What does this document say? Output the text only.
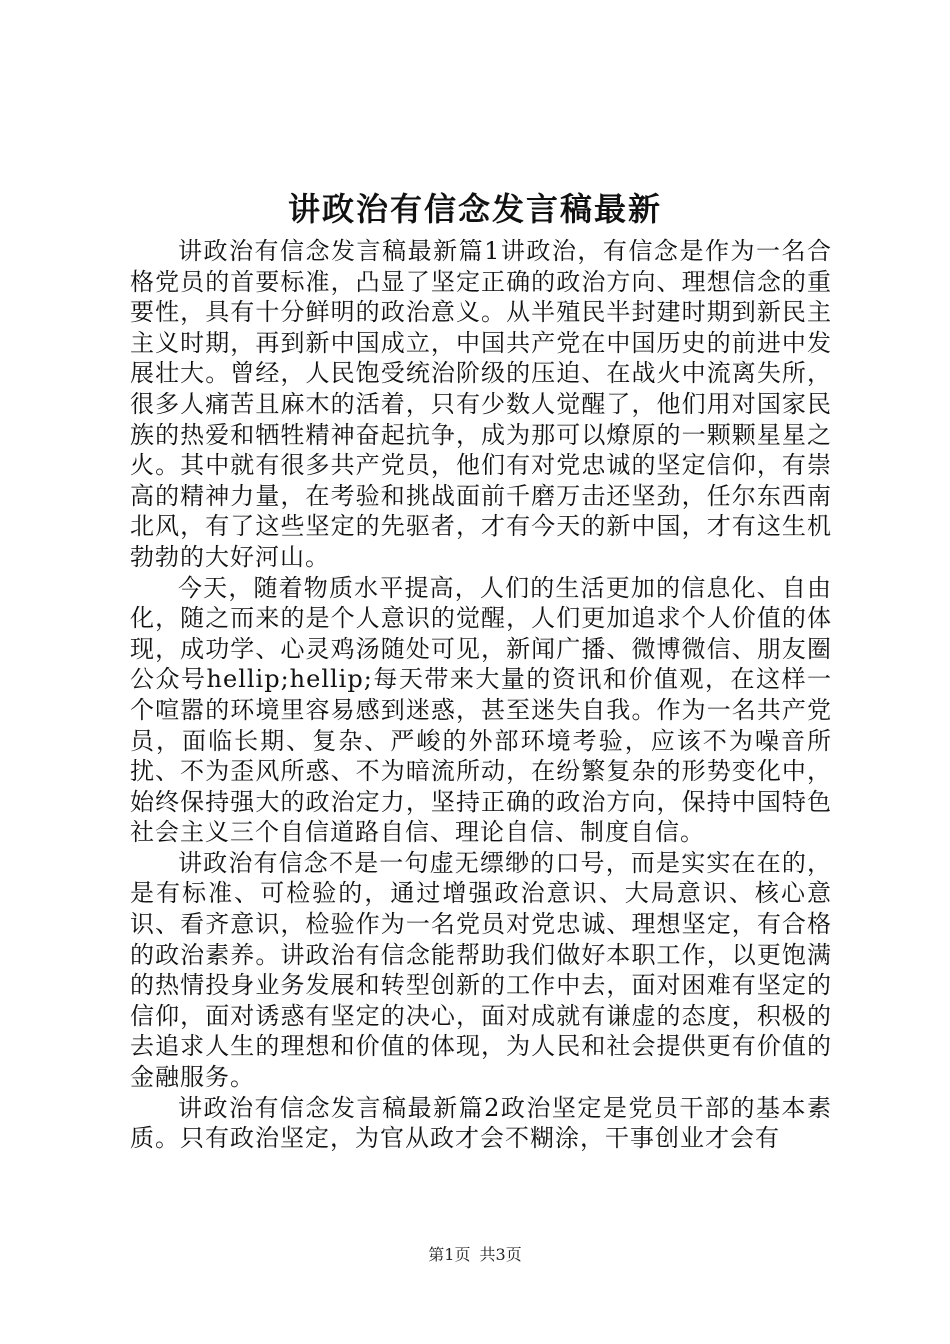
讲政治有信念发言稿最新

讲政治有信念发言稿最新篇1讲政治，有信念是作为一名合格党员的首要标准，凸显了坚定正确的政治方向、理想信念的重要性，具有十分鲜明的政治意义。从半殖民半封建时期到新民主主义时期，再到新中国成立，中国共产党在中国历史的前进中发展壮大。曾经，人民饱受统治阶级的压迫、在战火中流离失所，很多人痛苦且麻木的活着，只有少数人觉醒了，他们用对国家民族的热爱和牺牲精神奋起抗争，成为那可以燎原的一颗颗星星之火。其中就有很多共产党员，他们有对党忠诚的坚定信仰，有崇高的精神力量，在考验和挑战面前千磨万击还坚劲，任尔东西南北风，有了这些坚定的先驱者，才有今天的新中国，才有这生机勃勃的大好河山。

今天，随着物质水平提高，人们的生活更加的信息化、自由化，随之而来的是个人意识的觉醒，人们更加追求个人价值的体现，成功学、心灵鸡汤随处可见，新闻广播、微博微信、朋友圈公众号hellip;hellip;每天带来大量的资讯和价值观，在这样一个喧嚣的环境里容易感到迷惑，甚至迷失自我。作为一名共产党员，面临长期、复杂、严峻的外部环境考验，应该不为噪音所扰、不为歪风所惑、不为暗流所动，在纷繁复杂的形势变化中，始终保持强大的政治定力，坚持正确的政治方向，保持中国特色社会主义三个自信道路自信、理论自信、制度自信。

讲政治有信念不是一句虚无缥缈的口号，而是实实在在的，是有标准、可检验的，通过增强政治意识、大局意识、核心意识、看齐意识，检验作为一名党员对党忠诚、理想坚定，有合格的政治素养。讲政治有信念能帮助我们做好本职工作，以更饱满的热情投身业务发展和转型创新的工作中去，面对困难有坚定的信仰，面对诱惑有坚定的决心，面对成就有谦虚的态度，积极的去追求人生的理想和价值的体现，为人民和社会提供更有价值的金融服务。

讲政治有信念发言稿最新篇2政治坚定是党员干部的基本素质。只有政治坚定，为官从政才会不糊涂，干事创业才会有

第1页 共3页
